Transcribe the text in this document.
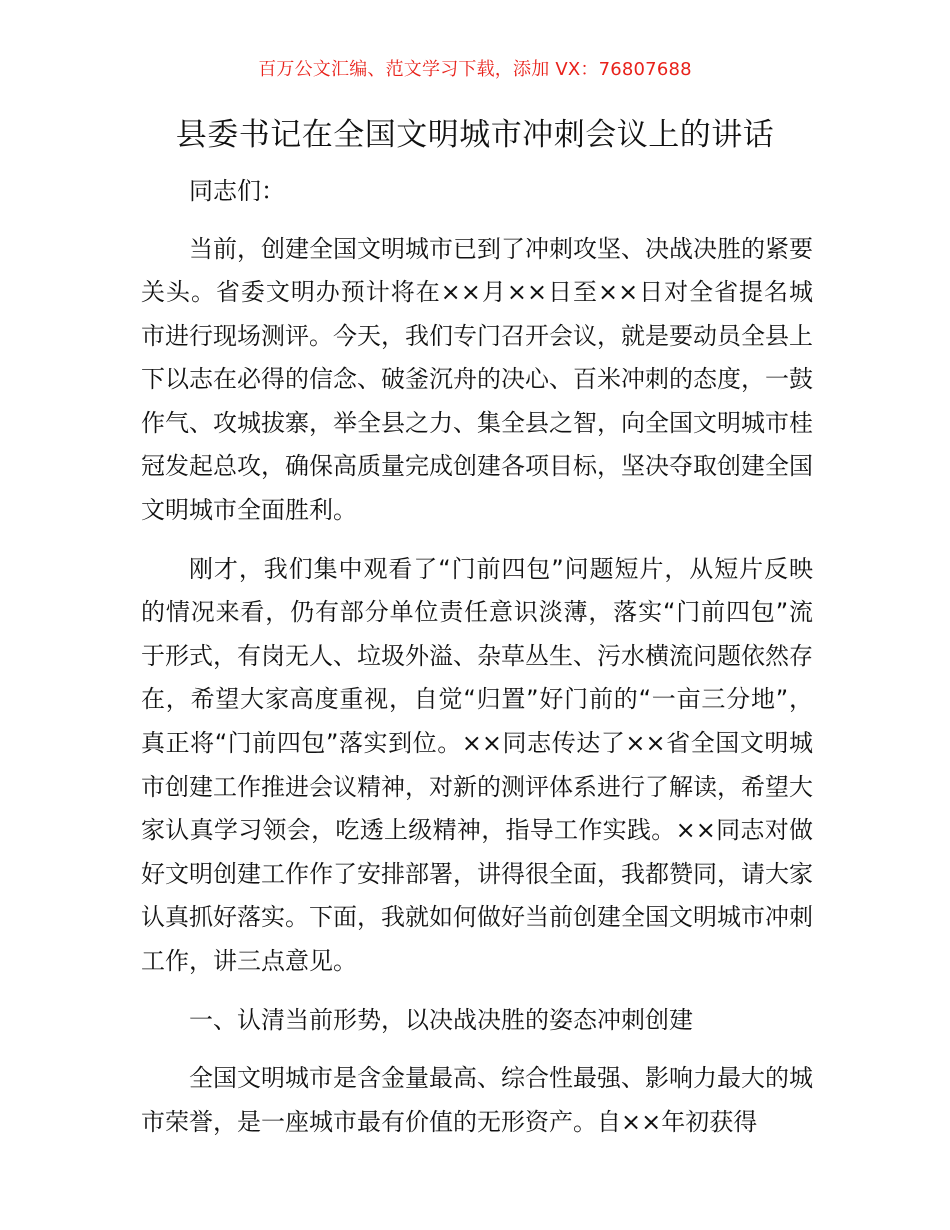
百万公文汇编、范文学习下载，添加 VX：76807688
县委书记在全国文明城市冲刺会议上的讲话

同志们：

当前，创建全国文明城市已到了冲刺攻坚、决战决胜的紧要关头。省委文明办预计将在××月××日至××日对全省提名城市进行现场测评。今天，我们专门召开会议，就是要动员全县上下以志在必得的信念、破釜沉舟的决心、百米冲刺的态度，一鼓作气、攻城拔寨，举全县之力、集全县之智，向全国文明城市桂冠发起总攻，确保高质量完成创建各项目标，坚决夺取创建全国文明城市全面胜利。

刚才，我们集中观看了“门前四包”问题短片，从短片反映的情况来看，仍有部分单位责任意识淡薄，落实“门前四包”流于形式，有岗无人、垃圾外溢、杂草丛生、污水横流问题依然存在，希望大家高度重视，自觉“归置”好门前的“一亩三分地”，真正将“门前四包”落实到位。××同志传达了××省全国文明城市创建工作推进会议精神，对新的测评体系进行了解读，希望大家认真学习领会，吃透上级精神，指导工作实践。××同志对做好文明创建工作作了安排部署，讲得很全面，我都赞同，请大家认真抓好落实。下面，我就如何做好当前创建全国文明城市冲刺工作，讲三点意见。

一、认清当前形势，以决战决胜的姿态冲刺创建

全国文明城市是含金量最高、综合性最强、影响力最大的城市荣誉，是一座城市最有价值的无形资产。自××年初获得
